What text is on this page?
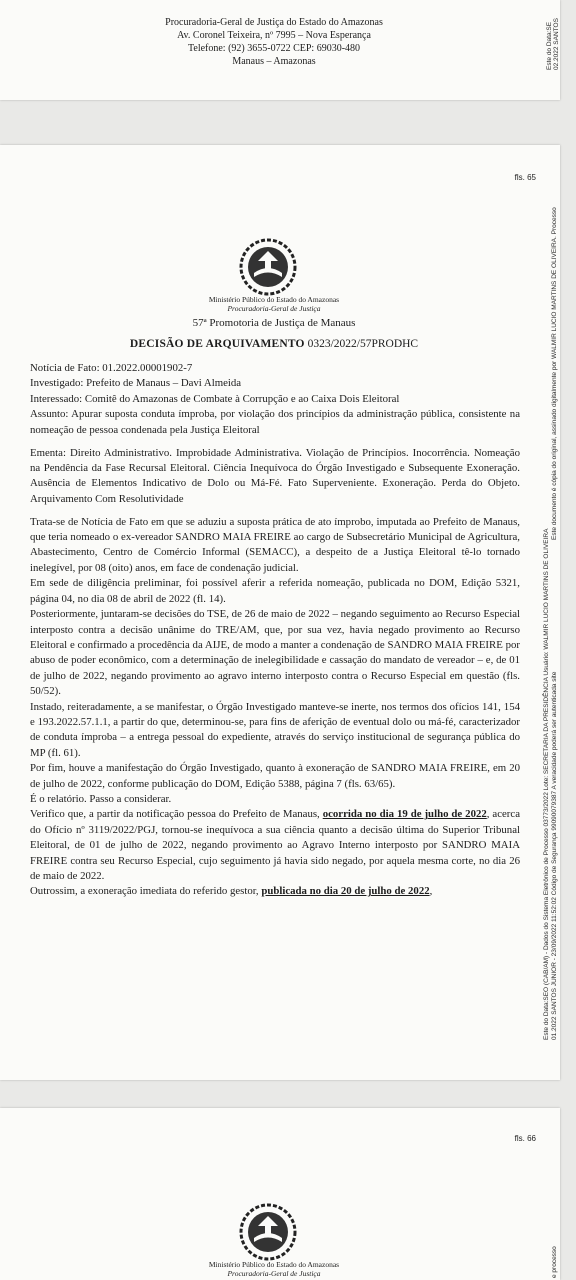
Procuradoria-Geral de Justiça do Estado do Amazonas
Av. Coronel Teixeira, nº 7995 – Nova Esperança
Telefone: (92) 3655-0722 CEP: 69030-480
Manaus – Amazonas	Este do Data:SE 02.2022 SANTOS
fls. 65
Ministério Público do Estado do Amazonas
Procuradoria-Geral de Justiça
57ª Promotoria de Justiça de Manaus
DECISÃO DE ARQUIVAMENTO 0323/2022/57PRODHC

Notícia de Fato: 01.2022.00001902-7

Investigado: Prefeito de Manaus – Davi Almeida

Interessado: Comitê do Amazonas de Combate à Corrupção e ao Caixa Dois Eleitoral

Assunto: Apurar suposta conduta ímproba, por violação dos princípios da administração pública, consistente na nomeação de pessoa condenada pela Justiça Eleitoral

Ementa: Direito Administrativo. Improbidade Administrativa. Violação de Princípios. Inocorrência. Nomeação na Pendência da Fase Recursal Eleitoral. Ciência Inequívoca do Órgão Investigado e Subsequente Exoneração. Ausência de Elementos Indicativo de Dolo ou Má-Fé. Fato Superveniente. Exoneração. Perda do Objeto. Arquivamento Com Resolutividade

Trata-se de Notícia de Fato em que se aduziu a suposta prática de ato ímprobo, imputada ao Prefeito de Manaus, que teria nomeado o ex-vereador SANDRO MAIA FREIRE ao cargo de Subsecretário Municipal de Agricultura, Abastecimento, Centro de Comércio Informal (SEMACC), a despeito de a Justiça Eleitoral tê-lo tornado inelegível, por 08 (oito) anos, em face de condenação judicial.

Em sede de diligência preliminar, foi possível aferir a referida nomeação, publicada no DOM, Edição 5321, página 04, no dia 08 de abril de 2022 (fl. 14).

Posteriormente, juntaram-se decisões do TSE, de 26 de maio de 2022 – negando seguimento ao Recurso Especial interposto contra a decisão unânime do TRE/AM, que, por sua vez, havia negado provimento ao Recurso Eleitoral e confirmado a procedência da AIJE, de modo a manter a condenação de SANDRO MAIA FREIRE por abuso de poder econômico, com a determinação de inelegibilidade e cassação do mandato de vereador – e, de 01 de julho de 2022, negando provimento ao agravo interno interposto contra o Recurso Especial em questão (fls. 50/52).

Instado, reiteradamente, a se manifestar, o Órgão Investigado manteve-se inerte, nos termos dos ofícios 141, 154 e 193.2022.57.1.1, a partir do que, determinou-se, para fins de aferição de eventual dolo ou má-fé, caracterizador de conduta ímproba – a entrega pessoal do expediente, através do serviço institucional de segurança pública do MP (fl. 61).

Por fim, houve a manifestação do Órgão Investigado, quanto à exoneração de SANDRO MAIA FREIRE, em 20 de julho de 2022, conforme publicação do DOM, Edição 5388, página 7 (fls. 63/65).

É o relatório. Passo a considerar.

Verifico que, a partir da notificação pessoa do Prefeito de Manaus, ocorrida no dia 19 de julho de 2022, acerca do Ofício nº 3119/2022/PGJ, tornou-se inequívoca a sua ciência quanto a decisão última do Superior Tribunal Eleitoral, de 01 de julho de 2022, negando provimento ao Agravo Interno interposto por SANDRO MAIA FREIRE contra seu Recurso Especial, cujo seguimento já havia sido negado, por aquela mesma corte, no dia 26 de maio de 2022.

Outrossim, a exoneração imediata do referido gestor, publicada no dia 20 de julho de 2022,

Este documento é cópia do original, assinado digitalmente por WALMIR LUCIO MARTINS DE OLIVEIRA. Processo
Este do Data:SEO (CAB/AM) - Dados do Sistema Eletrônico de Processo 03773/2022 Lote: SECRETARIA DA PRESIDÊNCIA Usuário: WALMIR LUCIO MARTINS DE OLIVEIRA 01.2022 SANTOS JUNIOR - 23/09/2022 11:52:02 Código de Segurança 99090079387 A veracidade poderá ser autenticada site
fls. 66
Ministério Público do Estado do Amazonas
Procuradoria-Geral de Justiça	e processo
